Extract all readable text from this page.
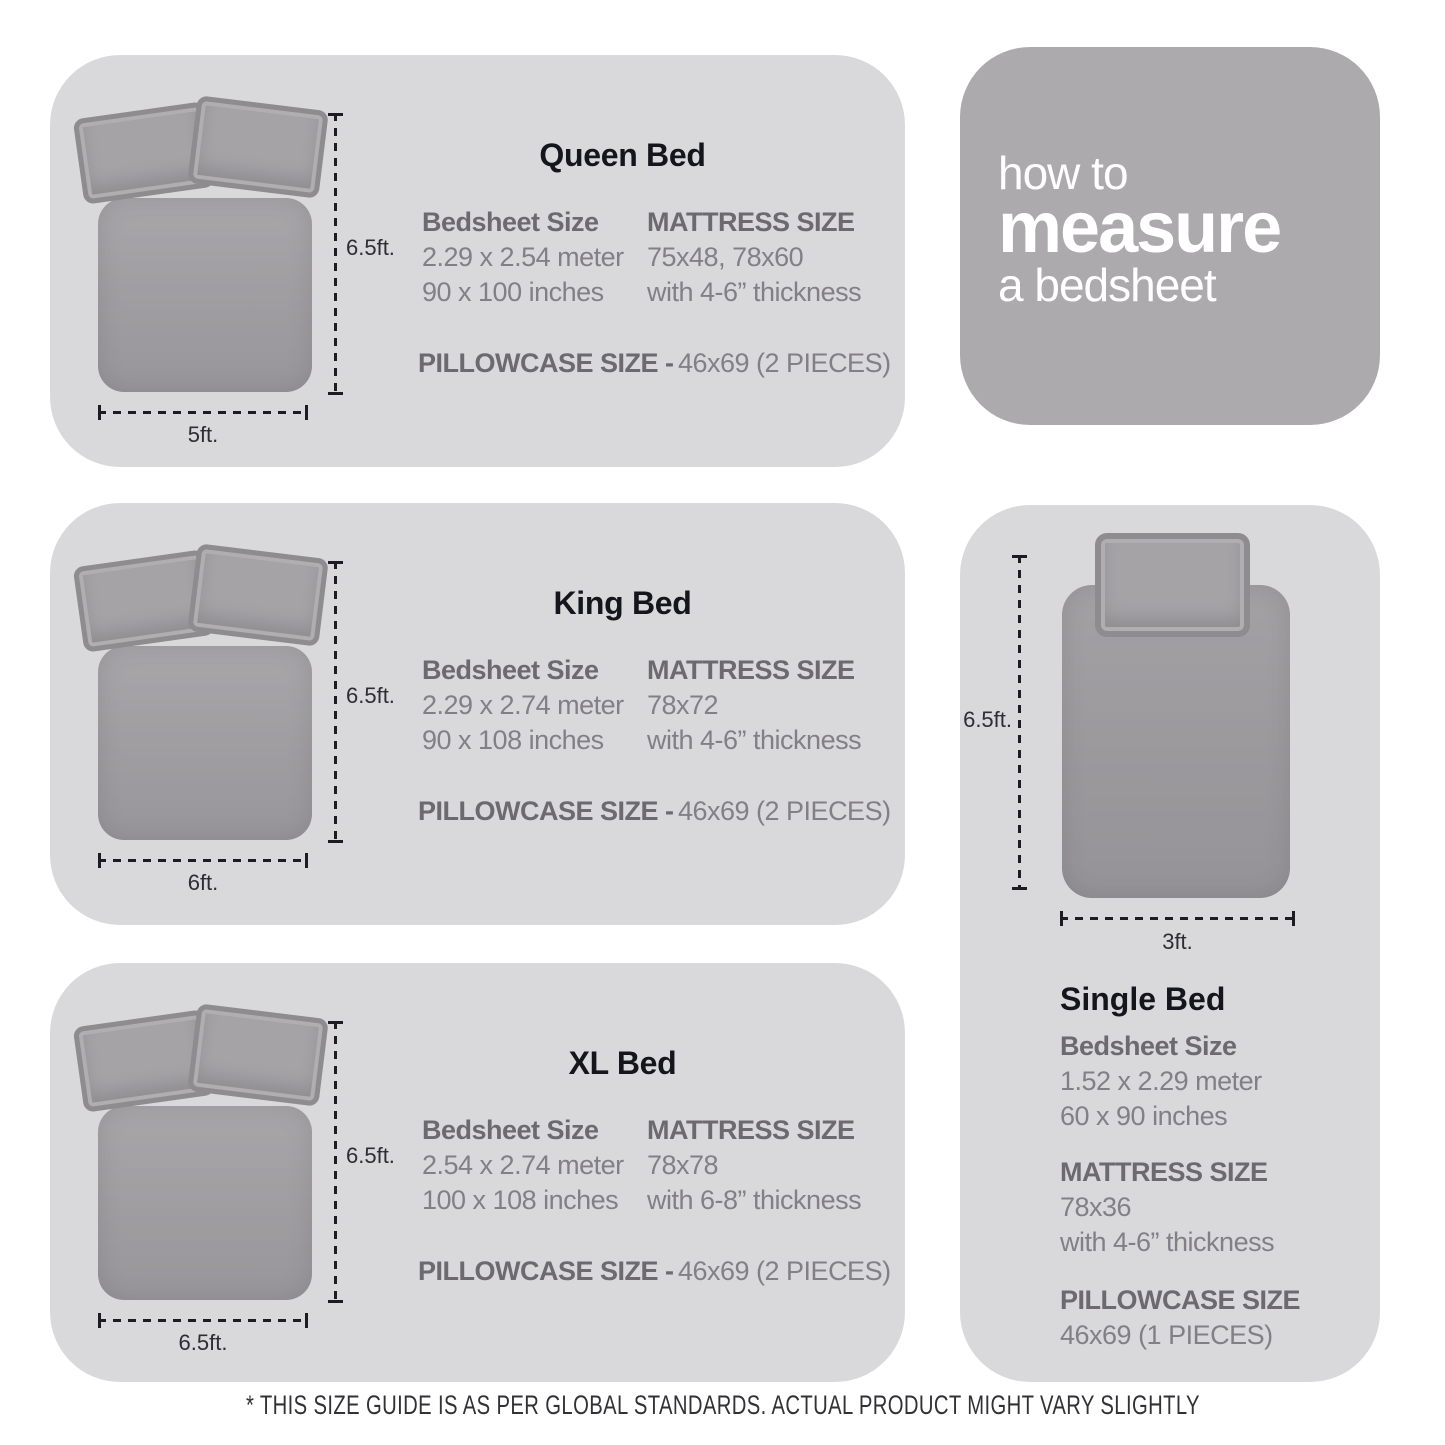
6.5ft.
5ft.
Queen Bed
Bedsheet Size
2.29 x 2.54 meter
90 x 100 inches
MATTRESS SIZE
75x48, 78x60
with 4-6” thickness
PILLOWCASE SIZE - 46x69 (2 PIECES)
how to
measure
a bedsheet
6.5ft.
6ft.
King Bed
Bedsheet Size
2.29 x 2.74 meter
90 x 108 inches
MATTRESS SIZE
78x72
with 4-6” thickness
PILLOWCASE SIZE - 46x69 (2 PIECES)
6.5ft.
3ft.
Single Bed
Bedsheet Size
1.52 x 2.29 meter
60 x 90 inches
MATTRESS SIZE
78x36
with 4-6” thickness
PILLOWCASE SIZE
46x69 (1 PIECES)
6.5ft.
6.5ft.
XL Bed
Bedsheet Size
2.54 x 2.74 meter
100 x 108 inches
MATTRESS SIZE
78x78
with 6-8” thickness
PILLOWCASE SIZE - 46x69 (2 PIECES)
* THIS SIZE GUIDE IS AS PER GLOBAL STANDARDS. ACTUAL PRODUCT MIGHT VARY SLIGHTLY
